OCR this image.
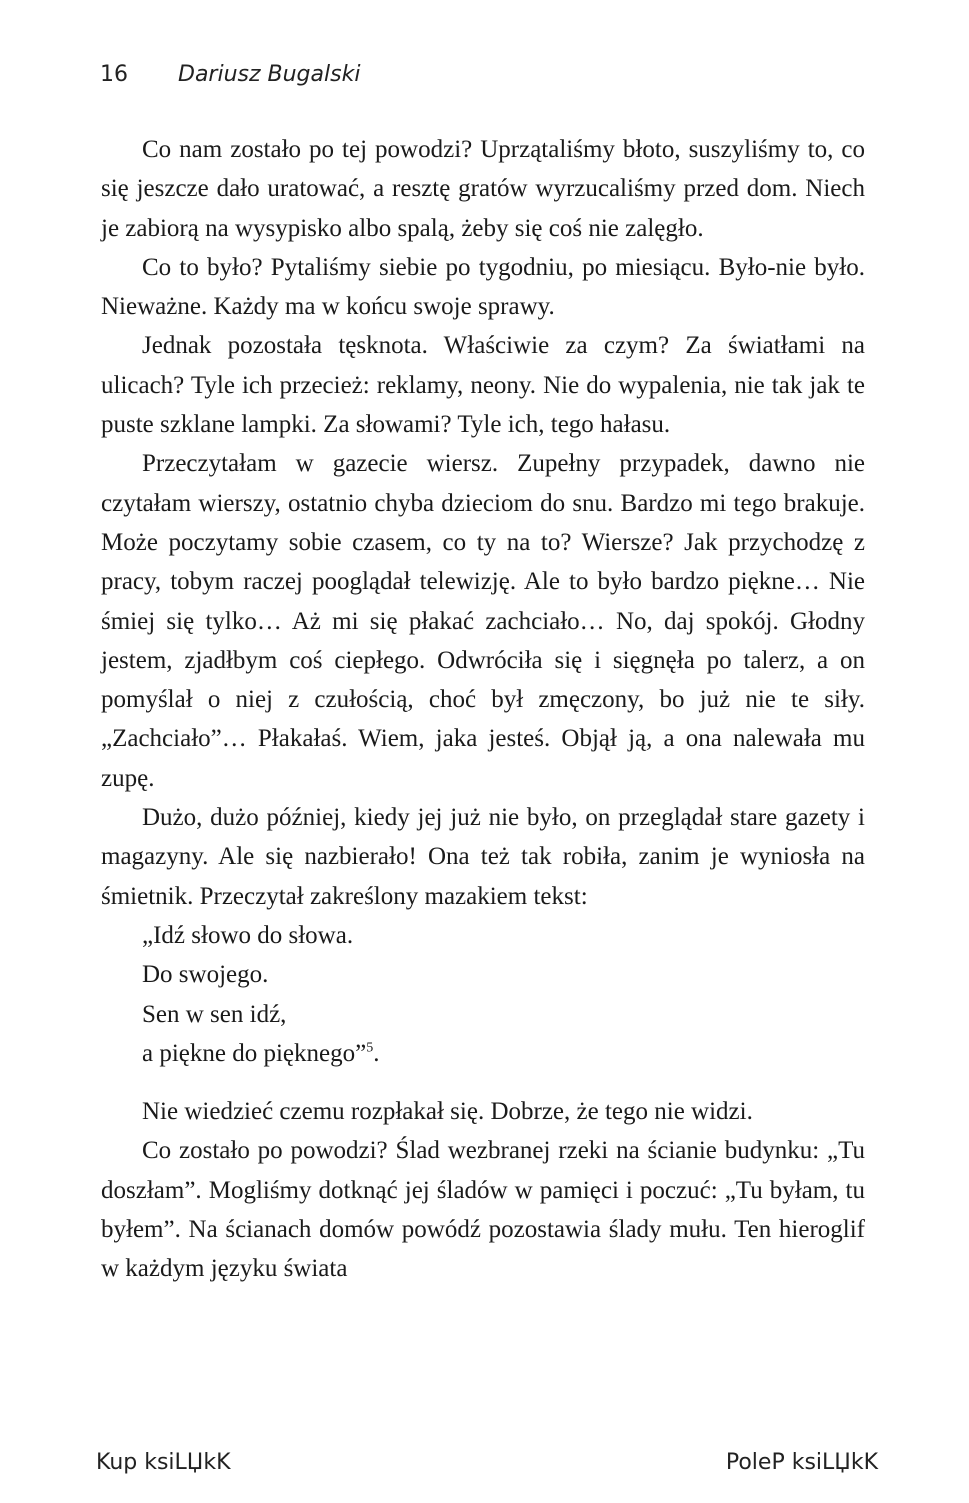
16 Dariusz Bugalski

Co nam zostało po tej powodzi? Uprzątaliśmy błoto, suszyliśmy to, co się jeszcze dało uratować, a resztę gratów wyrzucaliśmy przed dom. Niech je zabiorą na wysypisko albo spalą, żeby się coś nie zalęgło.

Co to było? Pytaliśmy siebie po tygodniu, po miesiącu. Było-nie było. Nieważne. Każdy ma w końcu swoje sprawy.

Jednak pozostała tęsknota. Właściwie za czym? Za światłami na ulicach? Tyle ich przecież: reklamy, neony. Nie do wypalenia, nie tak jak te puste szklane lampki. Za słowami? Tyle ich, tego hałasu.

Przeczytałam w gazecie wiersz. Zupełny przypadek, dawno nie czytałam wierszy, ostatnio chyba dzieciom do snu. Bardzo mi tego brakuje. Może poczytamy sobie czasem, co ty na to? Wiersze? Jak przychodzę z pracy, tobym raczej pooglądał telewizję. Ale to było bardzo piękne… Nie śmiej się tylko… Aż mi się płakać zachciało… No, daj spokój. Głodny jestem, zjadłbym coś ciepłego. Odwróciła się i sięgnęła po talerz, a on pomyślał o niej z czułością, choć był zmęczony, bo już nie te siły. „Zachciało”… Płakałaś. Wiem, jaka jesteś. Objął ją, a ona nalewała mu zupę.

Dużo, dużo później, kiedy jej już nie było, on przeglądał stare gazety i magazyny. Ale się nazbierało! Ona też tak robiła, zanim je wyniosła na śmietnik. Przeczytał zakreślony mazakiem tekst:

„Idź słowo do słowa.
Do swojego.
Sen w sen idź,
a piękne do pięknego”$^5$.

Nie wiedzieć czemu rozpłakał się. Dobrze, że tego nie widzi.

Co zostało po powodzi? Ślad wezbranej rzeki na ścianie budynku: „Tu doszłam”. Mogliśmy dotknąć jej śladów w pamięci i poczuć: „Tu byłam, tu byłem”. Na ścianach domów powódź pozostawia ślady mułu. Ten hieroglif w każdym języku świata

Kup ksiLЏkK	PoleP ksiLЏkK
